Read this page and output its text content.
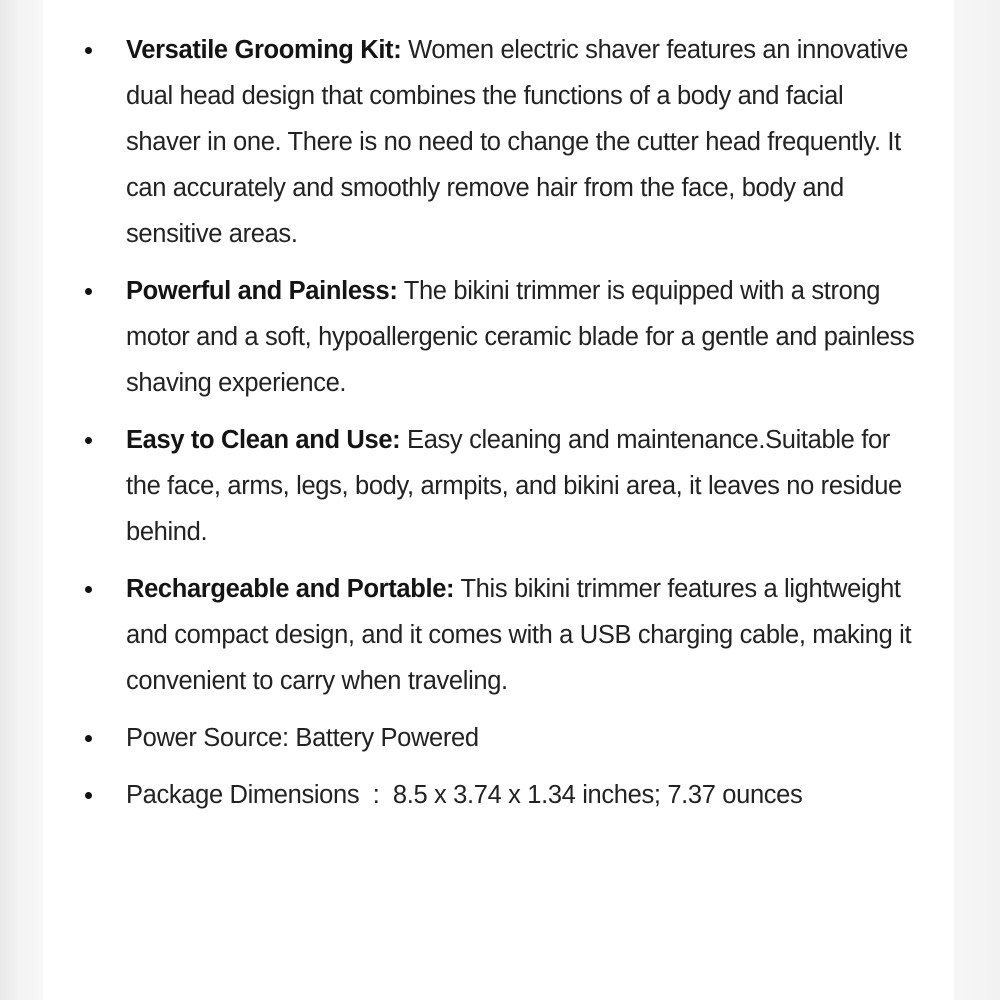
Versatile Grooming Kit: Women electric shaver features an innovative dual head design that combines the functions of a body and facial shaver in one. There is no need to change the cutter head frequently. It can accurately and smoothly remove hair from the face, body and sensitive areas.
Powerful and Painless: The bikini trimmer is equipped with a strong motor and a soft, hypoallergenic ceramic blade for a gentle and painless shaving experience.
Easy to Clean and Use: Easy cleaning and maintenance.Suitable for the face, arms, legs, body, armpits, and bikini area, it leaves no residue behind.
Rechargeable and Portable: This bikini trimmer features a lightweight and compact design, and it comes with a USB charging cable, making it convenient to carry when traveling.
Power Source: Battery Powered
Package Dimensions  :  8.5 x 3.74 x 1.34 inches; 7.37 ounces
